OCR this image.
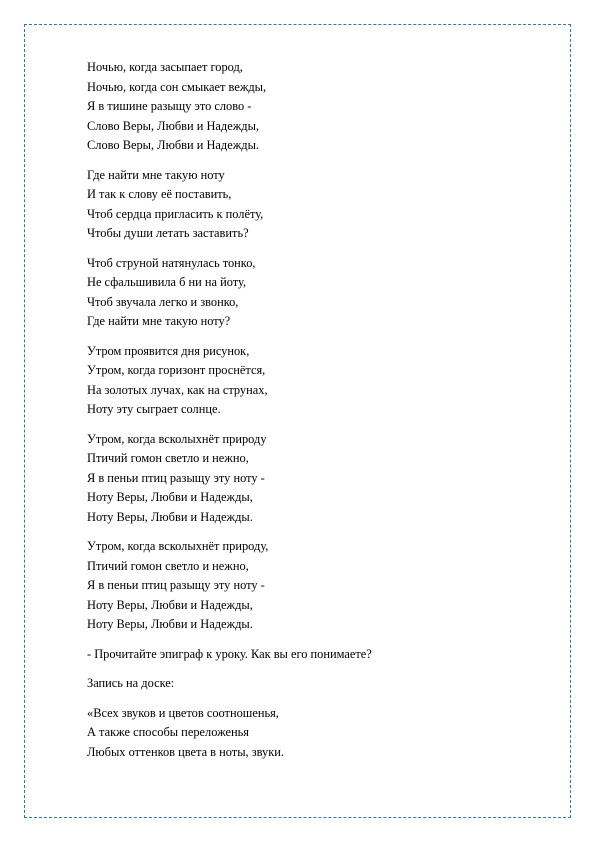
Ночью, когда засыпает город,
Ночью, когда сон смыкает вежды,
Я в тишине разыщу это слово -
Слово Веры, Любви и Надежды,
Слово Веры, Любви и Надежды.
Где найти мне такую ноту
И так к слову её поставить,
Чтоб сердца пригласить к полёту,
Чтобы души летать заставить?
Чтоб струной натянулась тонко,
Не сфальшивила б ни на йоту,
Чтоб звучала легко и звонко,
Где найти мне такую ноту?
Утром проявится дня рисунок,
Утром, когда горизонт проснётся,
На золотых лучах, как на струнах,
Ноту эту сыграет солнце.
Утром, когда всколыхнёт природу
Птичий гомон светло и нежно,
Я в пеньи птиц разыщу эту ноту -
Ноту Веры, Любви и Надежды,
Ноту Веры, Любви и Надежды.
Утром, когда всколыхнёт природу,
Птичий гомон светло и нежно,
Я в пеньи птиц разыщу эту ноту -
Ноту Веры, Любви и Надежды,
Ноту Веры, Любви и Надежды.
- Прочитайте эпиграф к уроку. Как вы его понимаете?
Запись на доске:
«Всех звуков и цветов соотношенья,
А также способы переложенья
Любых оттенков цвета в ноты, звуки.
